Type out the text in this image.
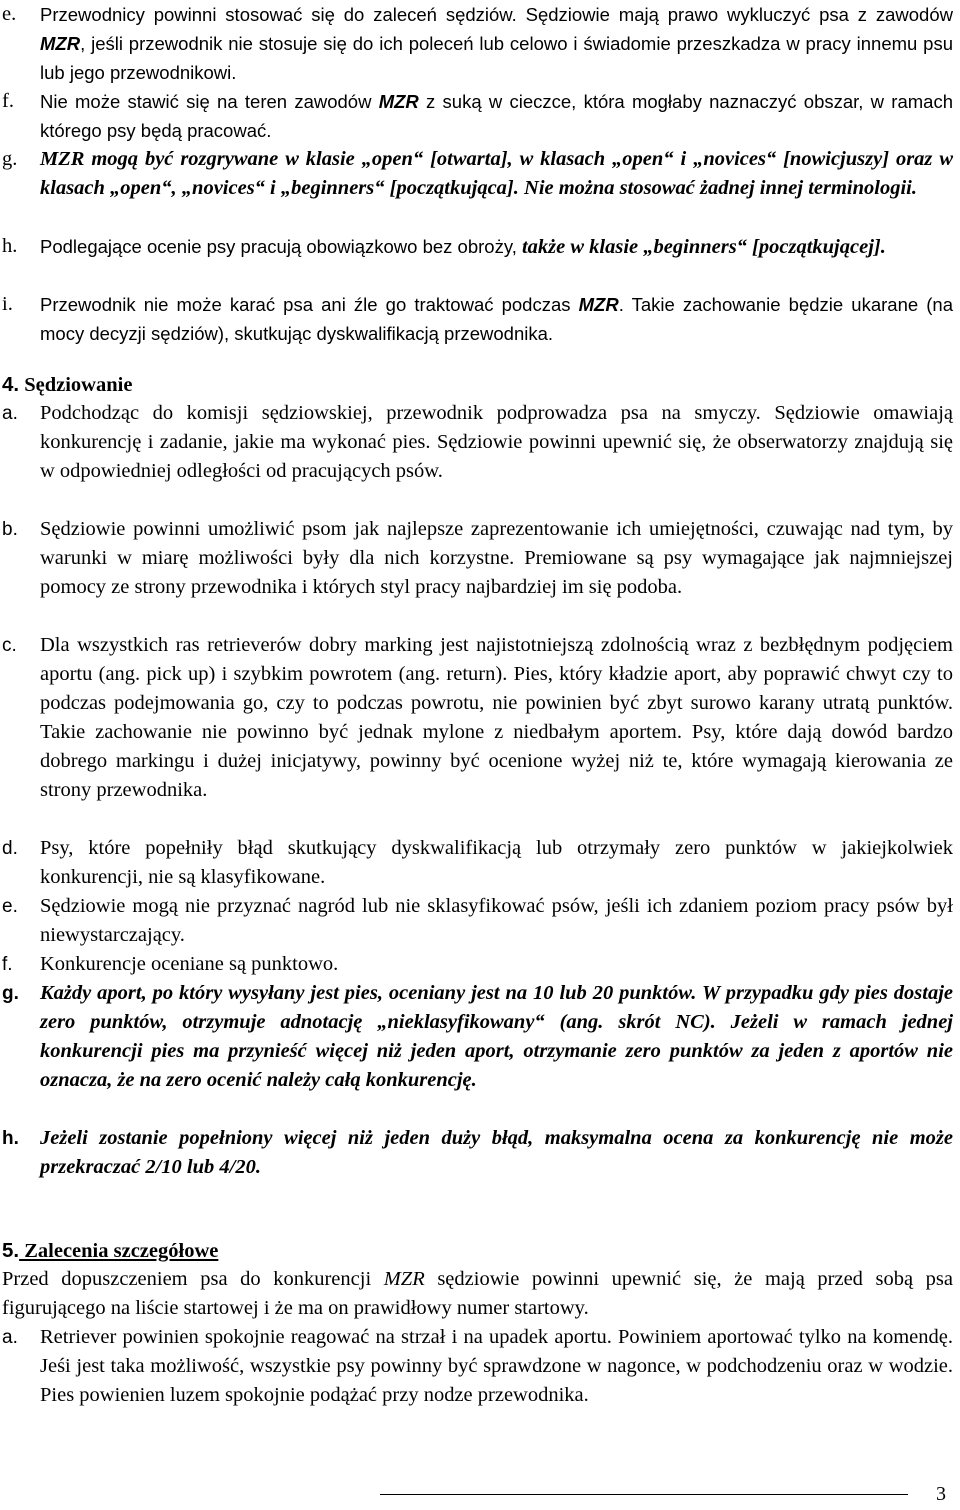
e. Przewodnicy powinni stosować się do zaleceń sędziów. Sędziowie mają prawo wykluczyć psa z zawodów MZR, jeśli przewodnik nie stosuje się do ich poleceń lub celowo i świadomie przeszkadza w pracy innemu psu lub jego przewodnikowi.
f. Nie może stawić się na teren zawodów MZR z suką w cieczce, która mogłaby naznaczyć obszar, w ramach którego psy będą pracować.
g. MZR mogą być rozgrywane w klasie „open“ [otwarta], w klasach „open“ i „novices“ [nowicjuszy] oraz w klasach „open“, „novices“ i „beginners“ [początkująca]. Nie można stosować żadnej innej terminologii.
h. Podlegające ocenie psy pracują obowiązkowo bez obroży, także w klasie „beginners“ [początkującej].
i. Przewodnik nie może karać psa ani źle go traktować podczas MZR. Takie zachowanie będzie ukarane (na mocy decyzji sędziów), skutkując dyskwalifikacją przewodnika.
4. Sędziowanie
a. Podchodząc do komisji sędziowskiej, przewodnik podprowadza psa na smyczy. Sędziowie omawiają konkurencję i zadanie, jakie ma wykonać pies. Sędziowie powinni upewnić się, że obserwatorzy znajdują się w odpowiedniej odległości od pracujących psów.
b. Sędziowie powinni umożliwić psom jak najlepsze zaprezentowanie ich umiejętności, czuwając nad tym, by warunki w miarę możliwości były dla nich korzystne. Premiowane są psy wymagające jak najmniejszej pomocy ze strony przewodnika i których styl pracy najbardziej im się podoba.
c. Dla wszystkich ras retrieverów dobry marking jest najistotniejszą zdolnością wraz z bezbłędnym podjęciem aportu (ang. pick up) i szybkim powrotem (ang. return). Pies, który kładzie aport, aby poprawić chwyt czy to podczas podejmowania go, czy to podczas powrotu, nie powinien być zbyt surowo karany utratą punktów. Takie zachowanie nie powinno być jednak mylone z niedbałym aportem. Psy, które dają dowód bardzo dobrego markingu i dużej inicjatywy, powinny być ocenione wyżej niż te, które wymagają kierowania ze strony przewodnika.
d. Psy, które popełniły błąd skutkujący dyskwalifikacją lub otrzymały zero punktów w jakiejkolwiek konkurencji, nie są klasyfikowane.
e. Sędziowie mogą nie przyznać nagród lub nie sklasyfikować psów, jeśli ich zdaniem poziom pracy psów był niewystarczający.
f. Konkurencje oceniane są punktowo.
g. Każdy aport, po który wysyłany jest pies, oceniany jest na 10 lub 20 punktów. W przypadku gdy pies dostaje zero punktów, otrzymuje adnotację „nieklasyfikowany“ (ang. skrót NC). Jeżeli w ramach jednej konkurencji pies ma przynieść więcej niż jeden aport, otrzymanie zero punktów za jeden z aportów nie oznacza, że na zero ocenić należy całą konkurencję.
h. Jeżeli zostanie popełniony więcej niż jeden duży błąd, maksymalna ocena za konkurencję nie może przekraczać 2/10 lub 4/20.
5. Zalecenia szczegółowe
Przed dopuszczeniem psa do konkurencji MZR sędziowie powinni upewnić się, że mają przed sobą psa figurującego na liście startowej i że ma on prawidłowy numer startowy.
a. Retriever powinien spokojnie reagować na strzał i na upadek aportu. Powiniem aportować tylko na komendę. Jeśi jest taka możliwość, wszystkie psy powinny być sprawdzone w nagonce, w podchodzeniu oraz w wodzie. Pies powienien luzem spokojnie podążać przy nodze przewodnika.
3
